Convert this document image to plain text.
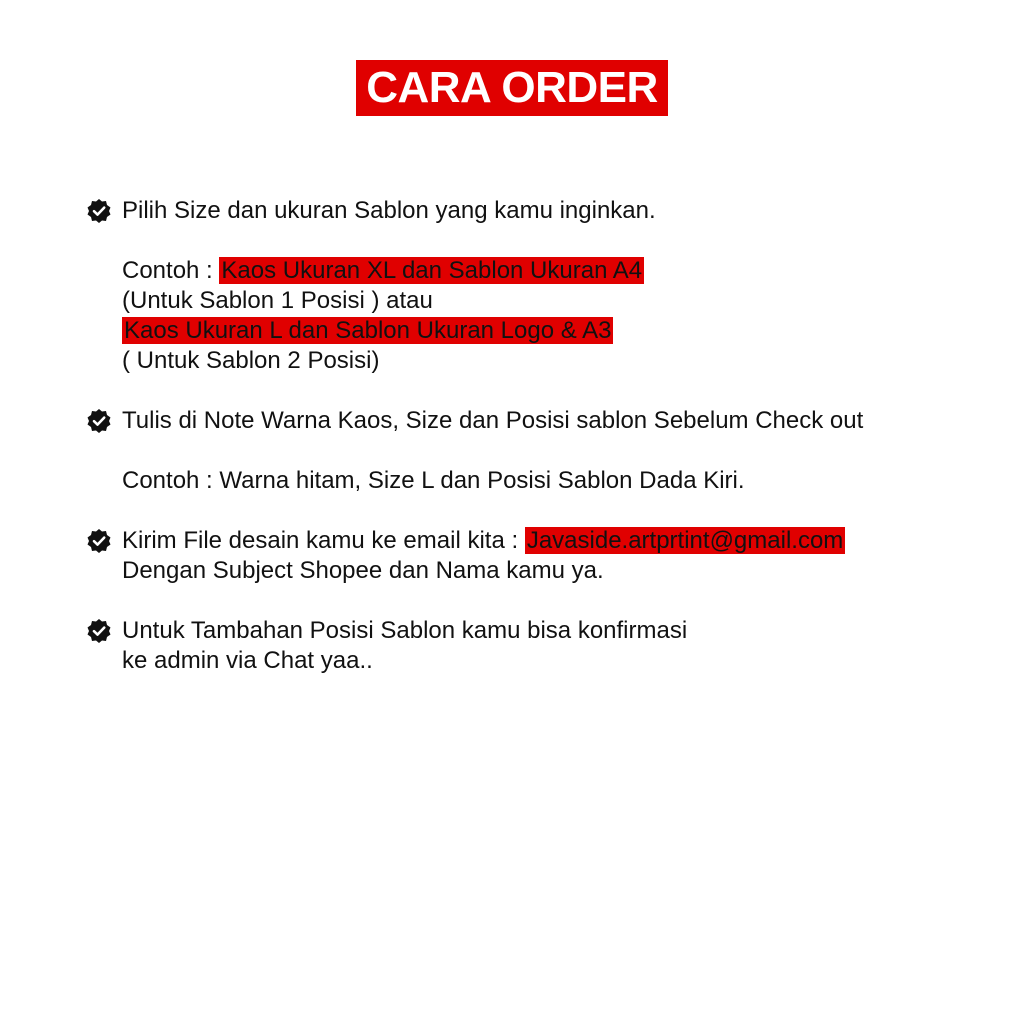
CARA ORDER
Pilih Size dan ukuran Sablon yang kamu inginkan.
Contoh : Kaos Ukuran XL dan Sablon Ukuran A4
(Untuk Sablon 1 Posisi ) atau
Kaos Ukuran L dan Sablon Ukuran Logo & A3
( Untuk Sablon 2 Posisi)
Tulis di Note Warna Kaos, Size dan Posisi sablon Sebelum Check out
Contoh : Warna hitam, Size L dan Posisi Sablon Dada Kiri.
Kirim File desain kamu ke email kita : Javaside.artprtint@gmail.com
Dengan Subject Shopee dan Nama kamu ya.
Untuk Tambahan Posisi Sablon kamu bisa konfirmasi
ke admin via Chat yaa..
